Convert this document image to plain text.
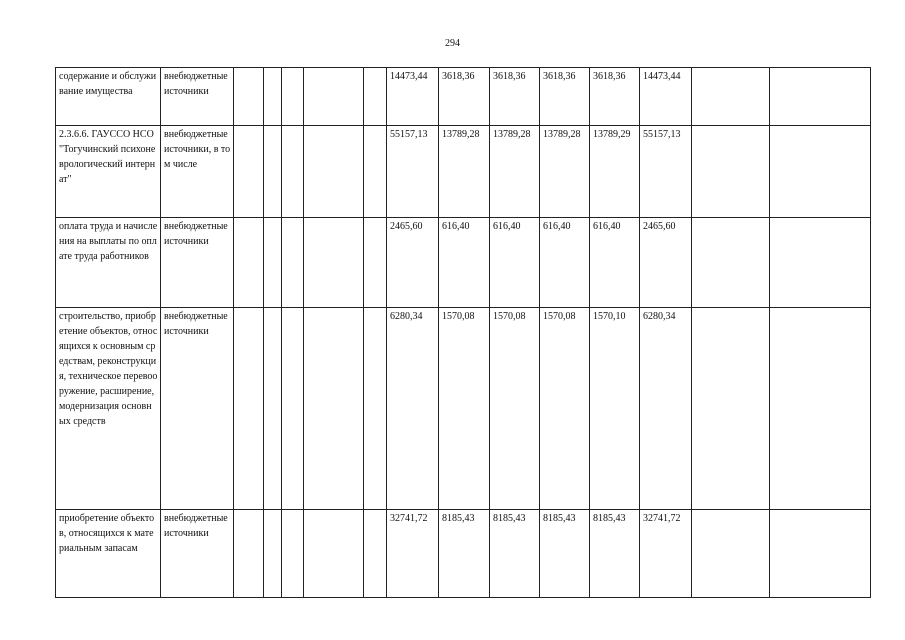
294
содержание и обслуживание имущества	внебюджетные источники						14473,44	3618,36	3618,36	3618,36	3618,36	14473,44		
2.3.6.6. ГАУССО НСО "Тогучинский психоневрологический интернат"	внебюджетные источники, в том числе						55157,13	13789,28	13789,28	13789,28	13789,29	55157,13		
оплата труда и начисления на выплаты по оплате труда работников	внебюджетные источники						2465,60	616,40	616,40	616,40	616,40	2465,60		
строительство, приобретение объектов, относящихся к основным средствам, реконструкция, техническое перевооружение, расширение, модернизация основных средств	внебюджетные источники						6280,34	1570,08	1570,08	1570,08	1570,10	6280,34		
приобретение объектов, относящихся к материальным запасам	внебюджетные источники						32741,72	8185,43	8185,43	8185,43	8185,43	32741,72		
